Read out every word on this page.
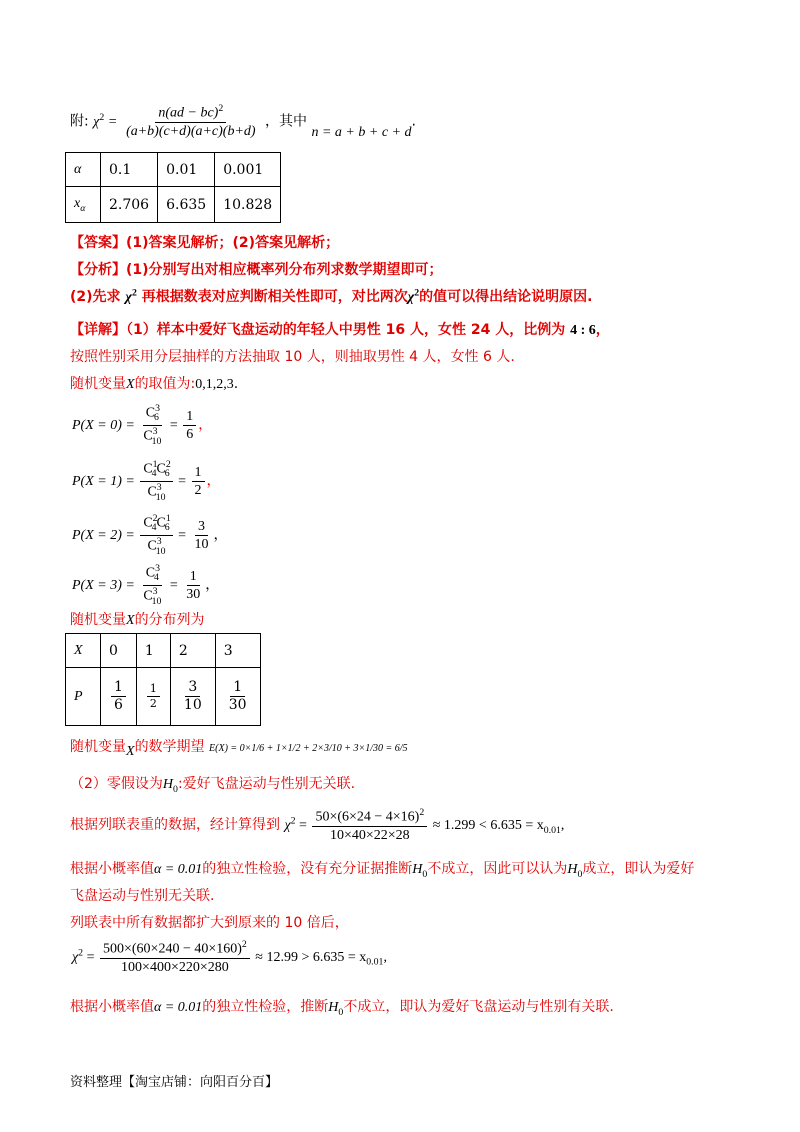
附: $\chi^2 = \frac{n(ad - bc)^2}{(a+b)(c+d)(a+c)(b+d)}$ ，其中 n = a + b + c + d.
α	0.1	0.01	0.001
$x_\alpha$	2.706	6.635	10.828
【答案】(1)答案见解析；(2)答案见解析；
【分析】(1)分别写出对相应概率列分布列求数学期望即可；
(2)先求 $\chi^2$ 再根据数表对应判断相关性即可，对比两次$\chi^2$的值可以得出结论说明原因.
【详解】（1）样本中爱好飞盘运动的年轻人中男性 16 人，女性 24 人，比例为 4 : 6，
按照性别采用分层抽样的方法抽取 10 人，则抽取男性 4 人，女性 6 人.
随机变量X的取值为:0,1,2,3.
$P(X = 0) = \frac{C^3_6}{C^3_{10}} = \frac{1}{6}$ ，
$P(X = 1) = \frac{C^1_4C^2_6}{C^3_{10}} = \frac{1}{2}$ ，
$P(X = 2) = \frac{C^2_4C^1_6}{C^3_{10}} = \frac{3}{10}$ ，
$P(X = 3) = \frac{C^3_4}{C^3_{10}} = \frac{1}{30}$ ，
随机变量X的分布列为
X	0	1	2	3
P	$\frac{1}{6}$	$\frac{1}{2}$	$\frac{3}{10}$	$\frac{1}{30}$
随机变量X的数学期望 E(X) = 0×1/6 + 1×1/2 + 2×3/10 + 3×1/30 = 6/5
（2）零假设为$H_0$:爱好飞盘运动与性别无关联.
根据列联表重的数据，经计算得到 $\chi^2 = \frac{50\times(6\times 24 - 4\times 16)^2}{10\times 40\times 22\times 28} \approx 1.299 < 6.635 = x_{0.01}$,
根据小概率值α = 0.01的独立性检验，没有充分证据推断$H_0$不成立，因此可以认为$H_0$成立，即认为爱好
飞盘运动与性别无关联.
列联表中所有数据都扩大到原来的 10 倍后，
$\chi^2 = \frac{500\times(60\times 240 - 40\times 160)^2}{100\times 400\times 220\times 280} \approx 12.99 > 6.635 = x_{0.01}$,
根据小概率值α = 0.01的独立性检验，推断$H_0$不成立，即认为爱好飞盘运动与性别有关联.
资料整理【淘宝店铺：向阳百分百】
